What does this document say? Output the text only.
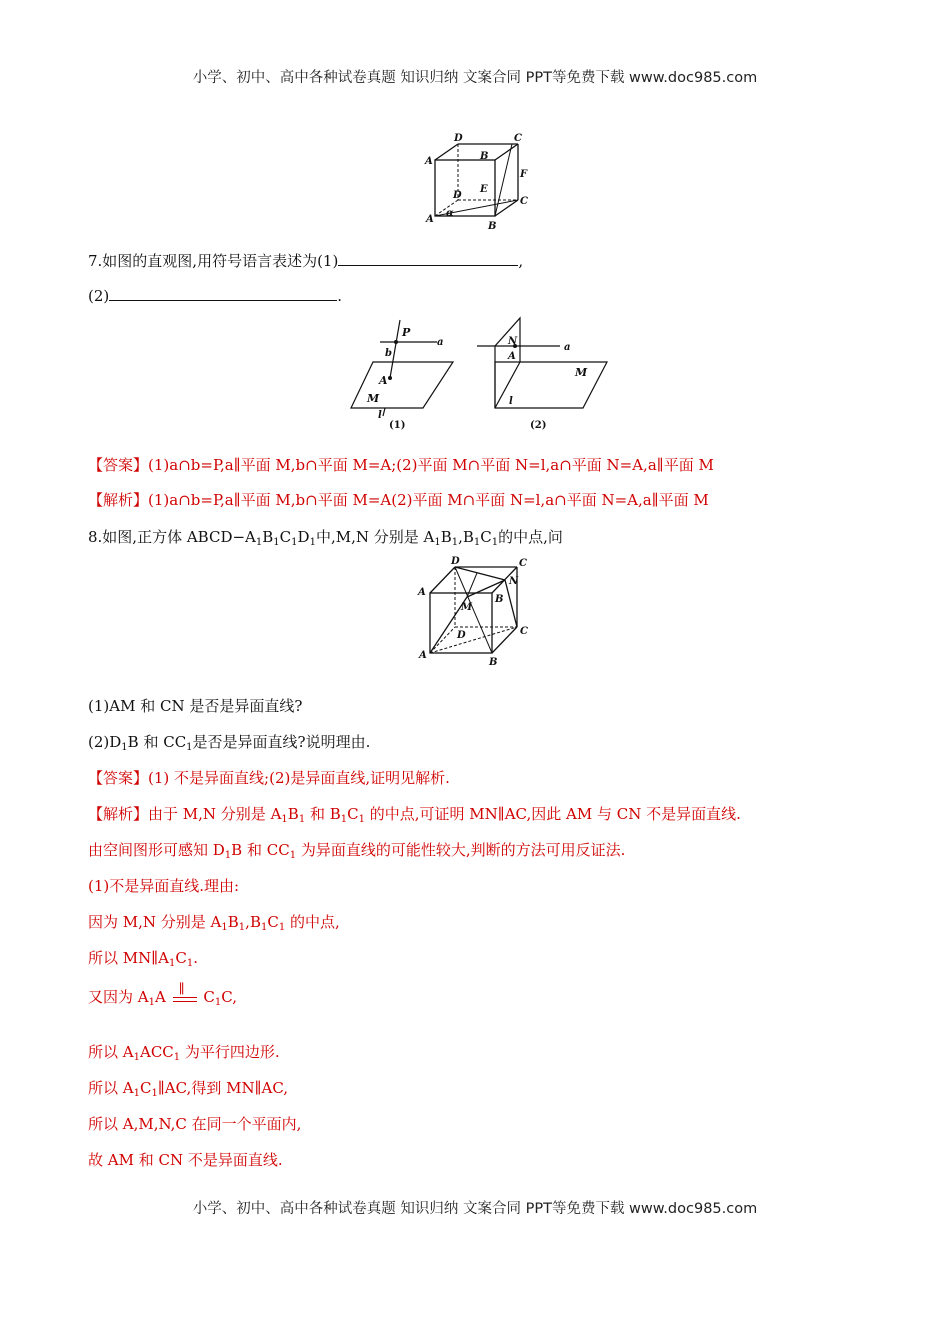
小学、初中、高中各种试卷真题 知识归纳 文案合同 PPT等免费下载 www.doc985.com
D	C
A	B
E
F
D
C
A
B
α
7.如图的直观图,用符号语言表述为(1)	,
(2)	.
P
a
b
A
M
l
(1)
N
A
a
M
l
(2)
【答案】(1)a∩b=P,a∥平面 M,b∩平面 M=A;(2)平面 M∩平面 N=l,a∩平面 N=A,a∥平面 M
【解析】(1)a∩b=P,a∥平面 M,b∩平面 M=A(2)平面 M∩平面 N=l,a∩平面 N=A,a∥平面 M
8.如图,正方体 $ABCD-A_1B_1C_1D_1$中,M,N 分别是 $A_1B_1,B_1C_1$的中点,问
D	C
N
A
B
M
D	C
A
B
(1)AM 和 CN 是否是异面直线?
$(2)D_1B$ 和 $CC_1$是否是异面直线?说明理由.
【答案】(1) 不是异面直线;(2)是异面直线,证明见解析.
【解析】由于 M,N 分别是 $A_1B_1$ 和 $B_1C_1$ 的中点,可证明 MN∥AC,因此 AM 与 CN 不是异面直线.
由空间图形可感知 $D_1B$ 和 $CC_1$ 为异面直线的可能性较大,判断的方法可用反证法.
(1)不是异面直线.理由:
因为 M,N 分别是 $A_1B_1,B_1C_1$ 的中点,
所以 $MN\parallel A_1C_1$.
又因为 $A_1A$ ∥ $C_1C$,
所以 $A_1ACC_1$ 为平行四边形.
所以 $A_1C_1\parallel AC$,得到 MN∥AC,
所以 A,M,N,C 在同一个平面内,
故 AM 和 CN 不是异面直线.
小学、初中、高中各种试卷真题 知识归纳 文案合同 PPT等免费下载 www.doc985.com
